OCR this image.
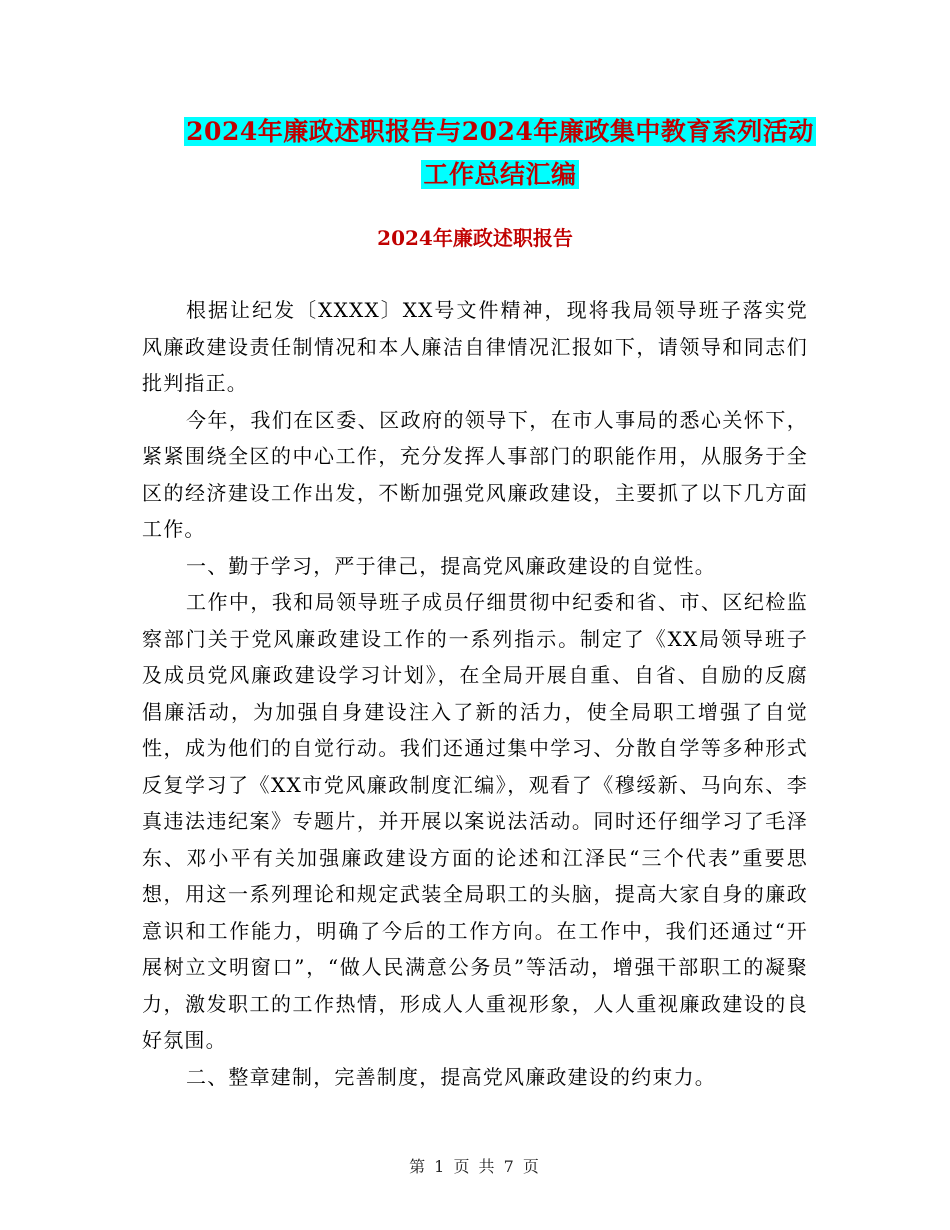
2024年廉政述职报告与2024年廉政集中教育系列活动
工作总结汇编
2024年廉政述职报告

根据让纪发〔XXXX〕XX号文件精神，现将我局领导班子落实党风廉政建设责任制情况和本人廉洁自律情况汇报如下，请领导和同志们批判指正。

今年，我们在区委、区政府的领导下，在市人事局的悉心关怀下，紧紧围绕全区的中心工作，充分发挥人事部门的职能作用，从服务于全区的经济建设工作出发，不断加强党风廉政建设，主要抓了以下几方面工作。

一、勤于学习，严于律己，提高党风廉政建设的自觉性。

工作中，我和局领导班子成员仔细贯彻中纪委和省、市、区纪检监察部门关于党风廉政建设工作的一系列指示。制定了《XX局领导班子及成员党风廉政建设学习计划》，在全局开展自重、自省、自励的反腐倡廉活动，为加强自身建设注入了新的活力，使全局职工增强了自觉性，成为他们的自觉行动。我们还通过集中学习、分散自学等多种形式反复学习了《XX市党风廉政制度汇编》，观看了《穆绥新、马向东、李真违法违纪案》专题片，并开展以案说法活动。同时还仔细学习了毛泽东、邓小平有关加强廉政建设方面的论述和江泽民“三个代表”重要思想，用这一系列理论和规定武装全局职工的头脑，提高大家自身的廉政意识和工作能力，明确了今后的工作方向。在工作中，我们还通过“开展树立文明窗口”，“做人民满意公务员”等活动，增强干部职工的凝聚力，激发职工的工作热情，形成人人重视形象，人人重视廉政建设的良好氛围。

二、整章建制，完善制度，提高党风廉政建设的约束力。

第 1 页 共 7 页
